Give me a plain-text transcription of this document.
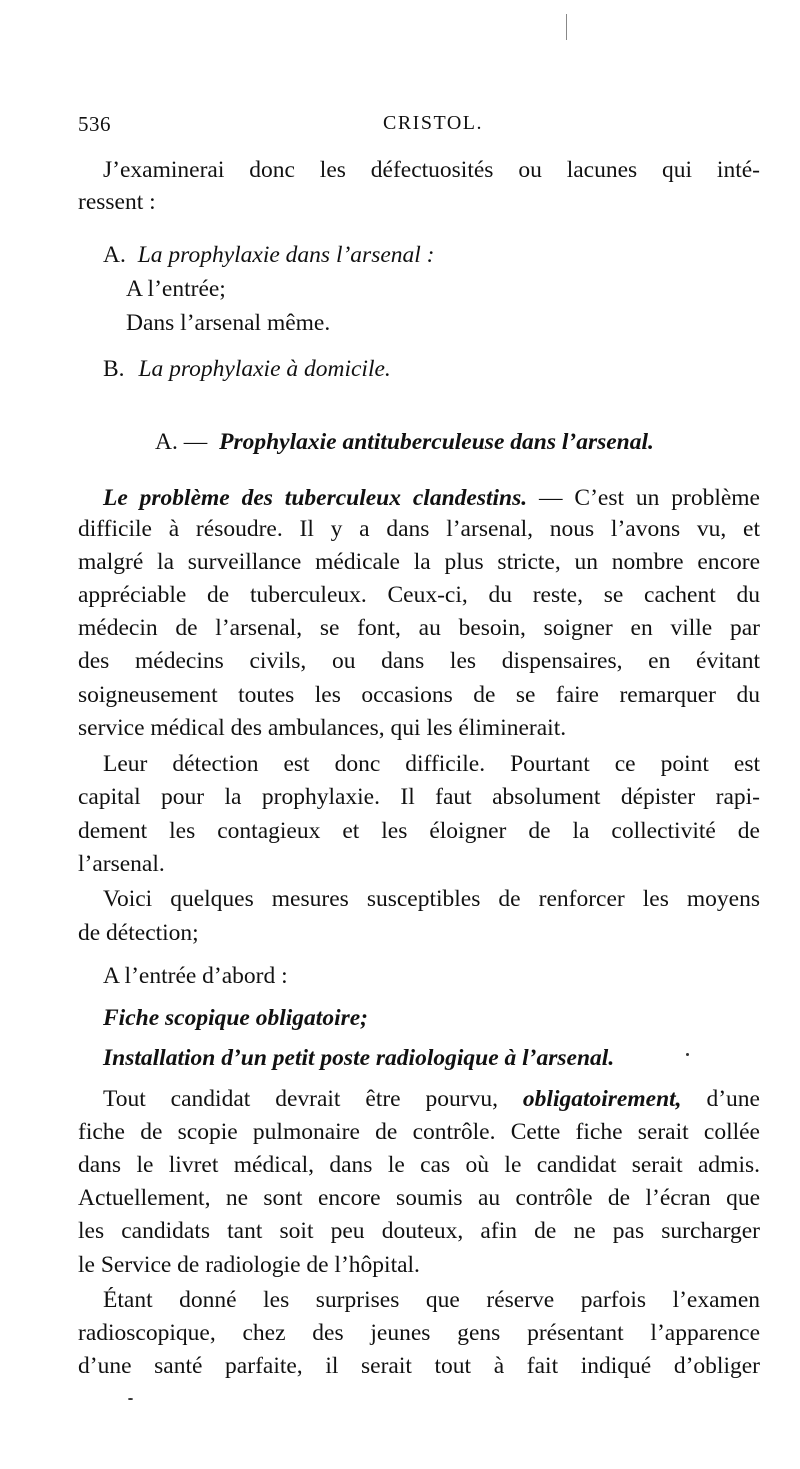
536	CRISTOL.
J’examinerai donc les défectuosités ou lacunes qui inté-
ressent :
A. La prophylaxie dans l’arsenal :
A l’entrée;
Dans l’arsenal même.
B. La prophylaxie à domicile.
A. — Prophylaxie antituberculeuse dans l’arsenal.
Le problème des tuberculeux clandestins. — C’est un problème
difficile à résoudre. Il y a dans l’arsenal, nous l’avons vu, et
malgré la surveillance médicale la plus stricte, un nombre encore
appréciable de tuberculeux. Ceux-ci, du reste, se cachent du
médecin de l’arsenal, se font, au besoin, soigner en ville par
des médecins civils, ou dans les dispensaires, en évitant
soigneusement toutes les occasions de se faire remarquer du
service médical des ambulances, qui les éliminerait.
Leur détection est donc difficile. Pourtant ce point est
capital pour la prophylaxie. Il faut absolument dépister rapi-
dement les contagieux et les éloigner de la collectivité de
l’arsenal.
Voici quelques mesures susceptibles de renforcer les moyens
de détection;
A l’entrée d’abord :
Fiche scopique obligatoire;
Installation d’un petit poste radiologique à l’arsenal.
Tout candidat devrait être pourvu, obligatoirement, d’une
fiche de scopie pulmonaire de contrôle. Cette fiche serait collée
dans le livret médical, dans le cas où le candidat serait admis.
Actuellement, ne sont encore soumis au contrôle de l’écran que
les candidats tant soit peu douteux, afin de ne pas surcharger
le Service de radiologie de l’hôpital.
Étant donné les surprises que réserve parfois l’examen
radioscopique, chez des jeunes gens présentant l’apparence
d’une santé parfaite, il serait tout à fait indiqué d’obliger
